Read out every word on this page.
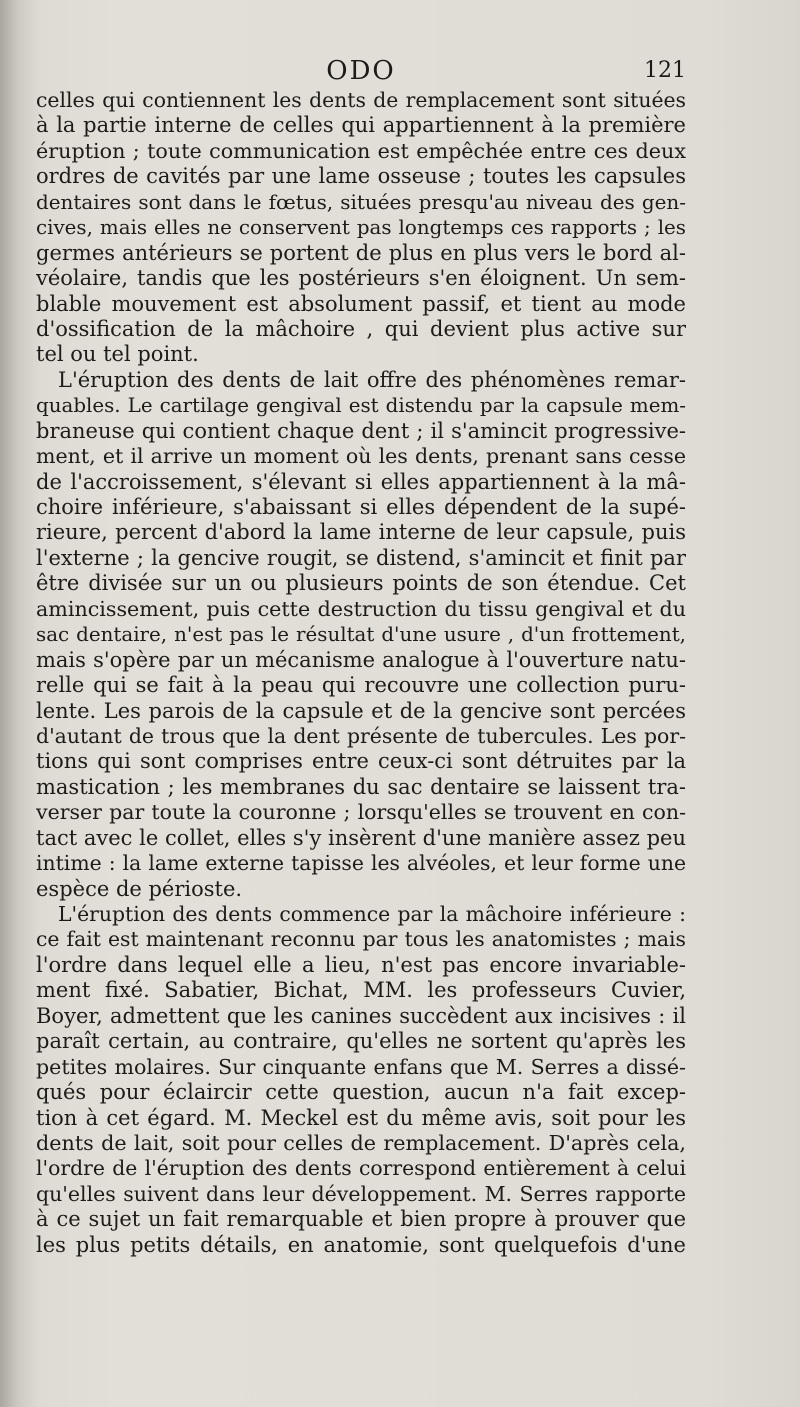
ODO	121
celles qui contiennent les dents de remplacement sont situées
à la partie interne de celles qui appartiennent à la première
éruption ; toute communication est empêchée entre ces deux
ordres de cavités par une lame osseuse ; toutes les capsules
dentaires sont dans le fœtus, situées presqu'au niveau des gen-
cives, mais elles ne conservent pas longtemps ces rapports ; les
germes antérieurs se portent de plus en plus vers le bord al-
véolaire, tandis que les postérieurs s'en éloignent. Un sem-
blable mouvement est absolument passif, et tient au mode
d'ossification de la mâchoire , qui devient plus active sur
tel ou tel point.
L'éruption des dents de lait offre des phénomènes remar-
quables. Le cartilage gengival est distendu par la capsule mem-
braneuse qui contient chaque dent ; il s'amincit progressive-
ment, et il arrive un moment où les dents, prenant sans cesse
de l'accroissement, s'élevant si elles appartiennent à la mâ-
choire inférieure, s'abaissant si elles dépendent de la supé-
rieure, percent d'abord la lame interne de leur capsule, puis
l'externe ; la gencive rougit, se distend, s'amincit et finit par
être divisée sur un ou plusieurs points de son étendue. Cet
amincissement, puis cette destruction du tissu gengival et du
sac dentaire, n'est pas le résultat d'une usure , d'un frottement,
mais s'opère par un mécanisme analogue à l'ouverture natu-
relle qui se fait à la peau qui recouvre une collection puru-
lente. Les parois de la capsule et de la gencive sont percées
d'autant de trous que la dent présente de tubercules. Les por-
tions qui sont comprises entre ceux-ci sont détruites par la
mastication ; les membranes du sac dentaire se laissent tra-
verser par toute la couronne ; lorsqu'elles se trouvent en con-
tact avec le collet, elles s'y insèrent d'une manière assez peu
intime : la lame externe tapisse les alvéoles, et leur forme une
espèce de périoste.
L'éruption des dents commence par la mâchoire inférieure :
ce fait est maintenant reconnu par tous les anatomistes ; mais
l'ordre dans lequel elle a lieu, n'est pas encore invariable-
ment fixé. Sabatier, Bichat, MM. les professeurs Cuvier,
Boyer, admettent que les canines succèdent aux incisives : il
paraît certain, au contraire, qu'elles ne sortent qu'après les
petites molaires. Sur cinquante enfans que M. Serres a dissé-
qués pour éclaircir cette question, aucun n'a fait excep-
tion à cet égard. M. Meckel est du même avis, soit pour les
dents de lait, soit pour celles de remplacement. D'après cela,
l'ordre de l'éruption des dents correspond entièrement à celui
qu'elles suivent dans leur développement. M. Serres rapporte
à ce sujet un fait remarquable et bien propre à prouver que
les plus petits détails, en anatomie, sont quelquefois d'une
